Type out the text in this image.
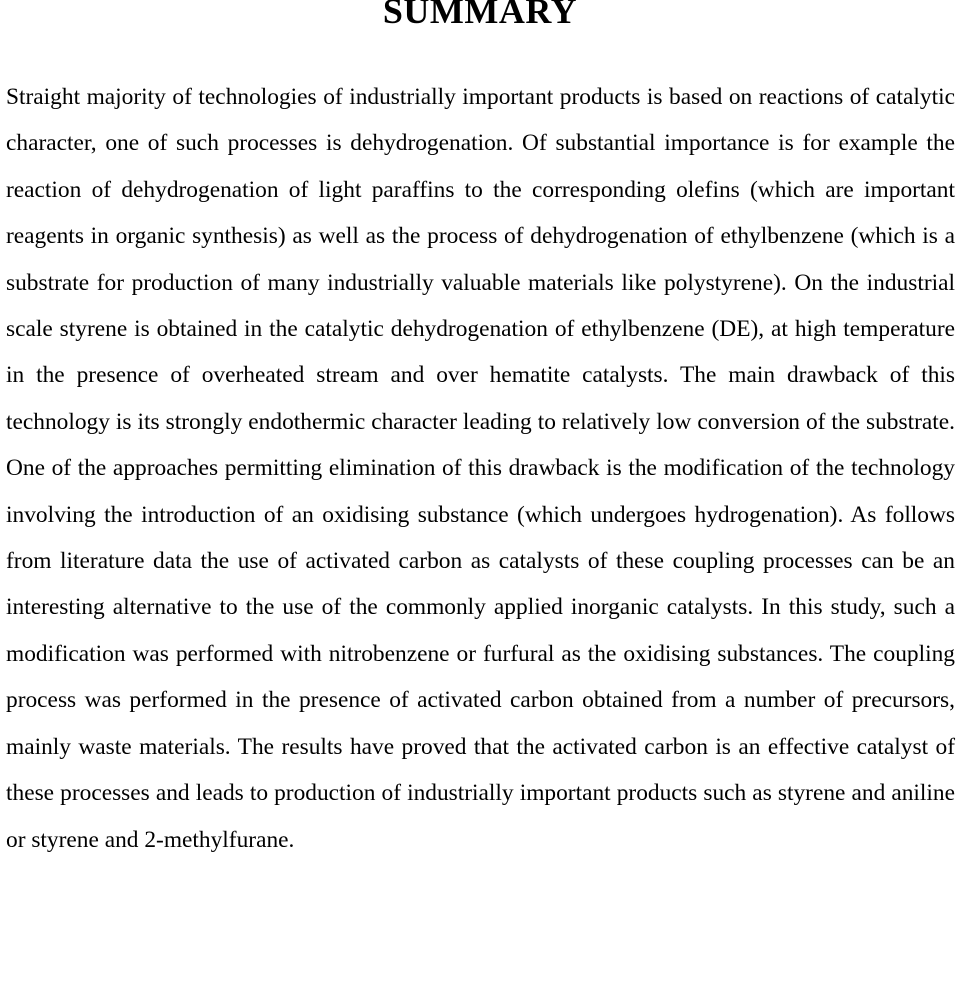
SUMMARY

Straight majority of technologies of industrially important products is based on reactions of catalytic character, one of such processes is dehydrogenation. Of substantial importance is for example the reaction of dehydrogenation of light paraffins to the corresponding olefins (which are important reagents in organic synthesis) as well as the process of dehydrogenation of ethylbenzene (which is a substrate for production of many industrially valuable materials like polystyrene). On the industrial scale styrene is obtained in the catalytic dehydrogenation of ethylbenzene (DE), at high temperature in the presence of overheated stream and over hematite catalysts. The main drawback of this technology is its strongly endothermic character leading to relatively low conversion of the substrate. One of the approaches permitting elimination of this drawback is the modification of the technology involving the introduction of an oxidising substance (which undergoes hydrogenation). As follows from literature data the use of activated carbon as catalysts of these coupling processes can be an interesting alternative to the use of the commonly applied inorganic catalysts. In this study, such a modification was performed with nitrobenzene or furfural as the oxidising substances. The coupling process was performed in the presence of activated carbon obtained from a number of precursors, mainly waste materials. The results have proved that the activated carbon is an effective catalyst of these processes and leads to production of industrially important products such as styrene and aniline or styrene and 2-methylfurane.
